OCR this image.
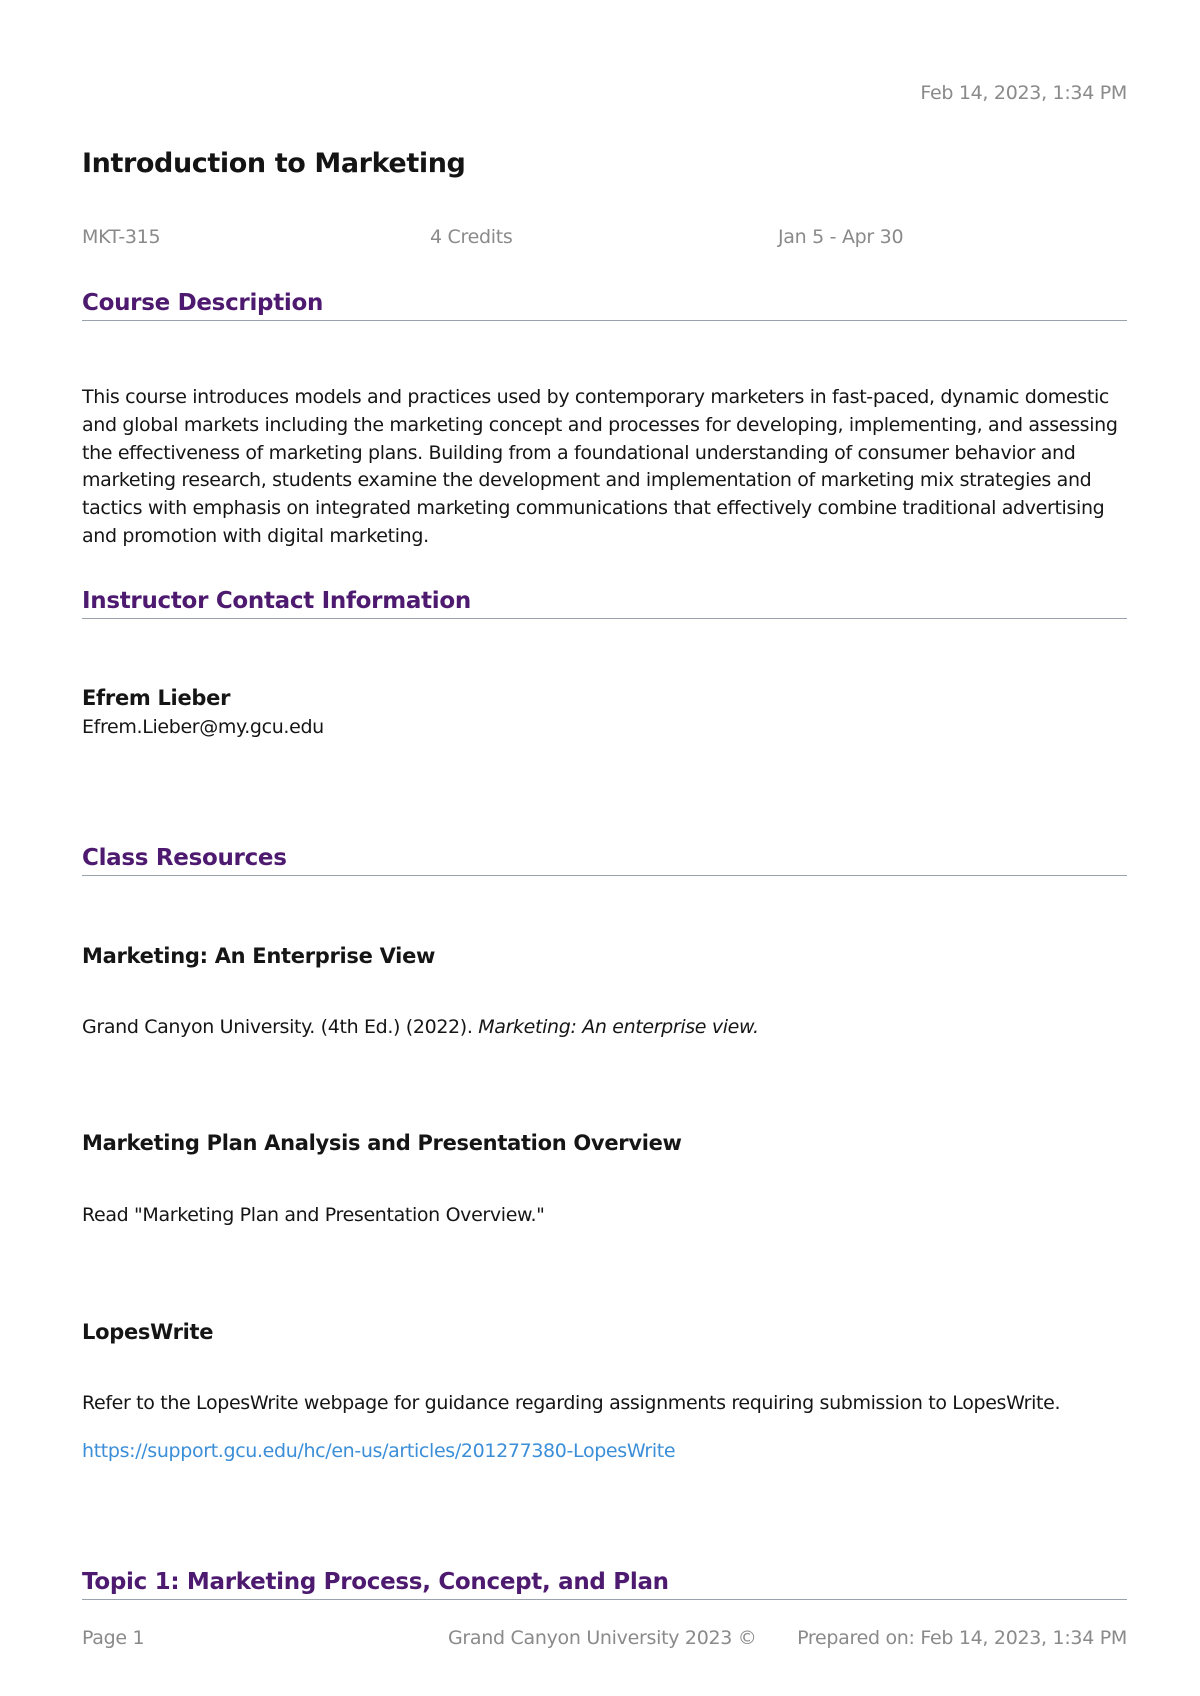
Feb 14, 2023, 1:34 PM
Introduction to Marketing
MKT-315	4 Credits	Jan 5 - Apr 30
Course Description
This course introduces models and practices used by contemporary marketers in fast-paced, dynamic domestic and global markets including the marketing concept and processes for developing, implementing, and assessing the effectiveness of marketing plans. Building from a foundational understanding of consumer behavior and marketing research, students examine the development and implementation of marketing mix strategies and tactics with emphasis on integrated marketing communications that effectively combine traditional advertising and promotion with digital marketing.
Instructor Contact Information
Efrem Lieber
Efrem.Lieber@my.gcu.edu
Class Resources
Marketing: An Enterprise View
Grand Canyon University. (4th Ed.) (2022). Marketing: An enterprise view.
Marketing Plan Analysis and Presentation Overview
Read "Marketing Plan and Presentation Overview."
LopesWrite
Refer to the LopesWrite webpage for guidance regarding assignments requiring submission to LopesWrite.
https://support.gcu.edu/hc/en-us/articles/201277380-LopesWrite
Topic 1: Marketing Process, Concept, and Plan
Page 1	Grand Canyon University 2023 © Prepared on: Feb 14, 2023, 1:34 PM
